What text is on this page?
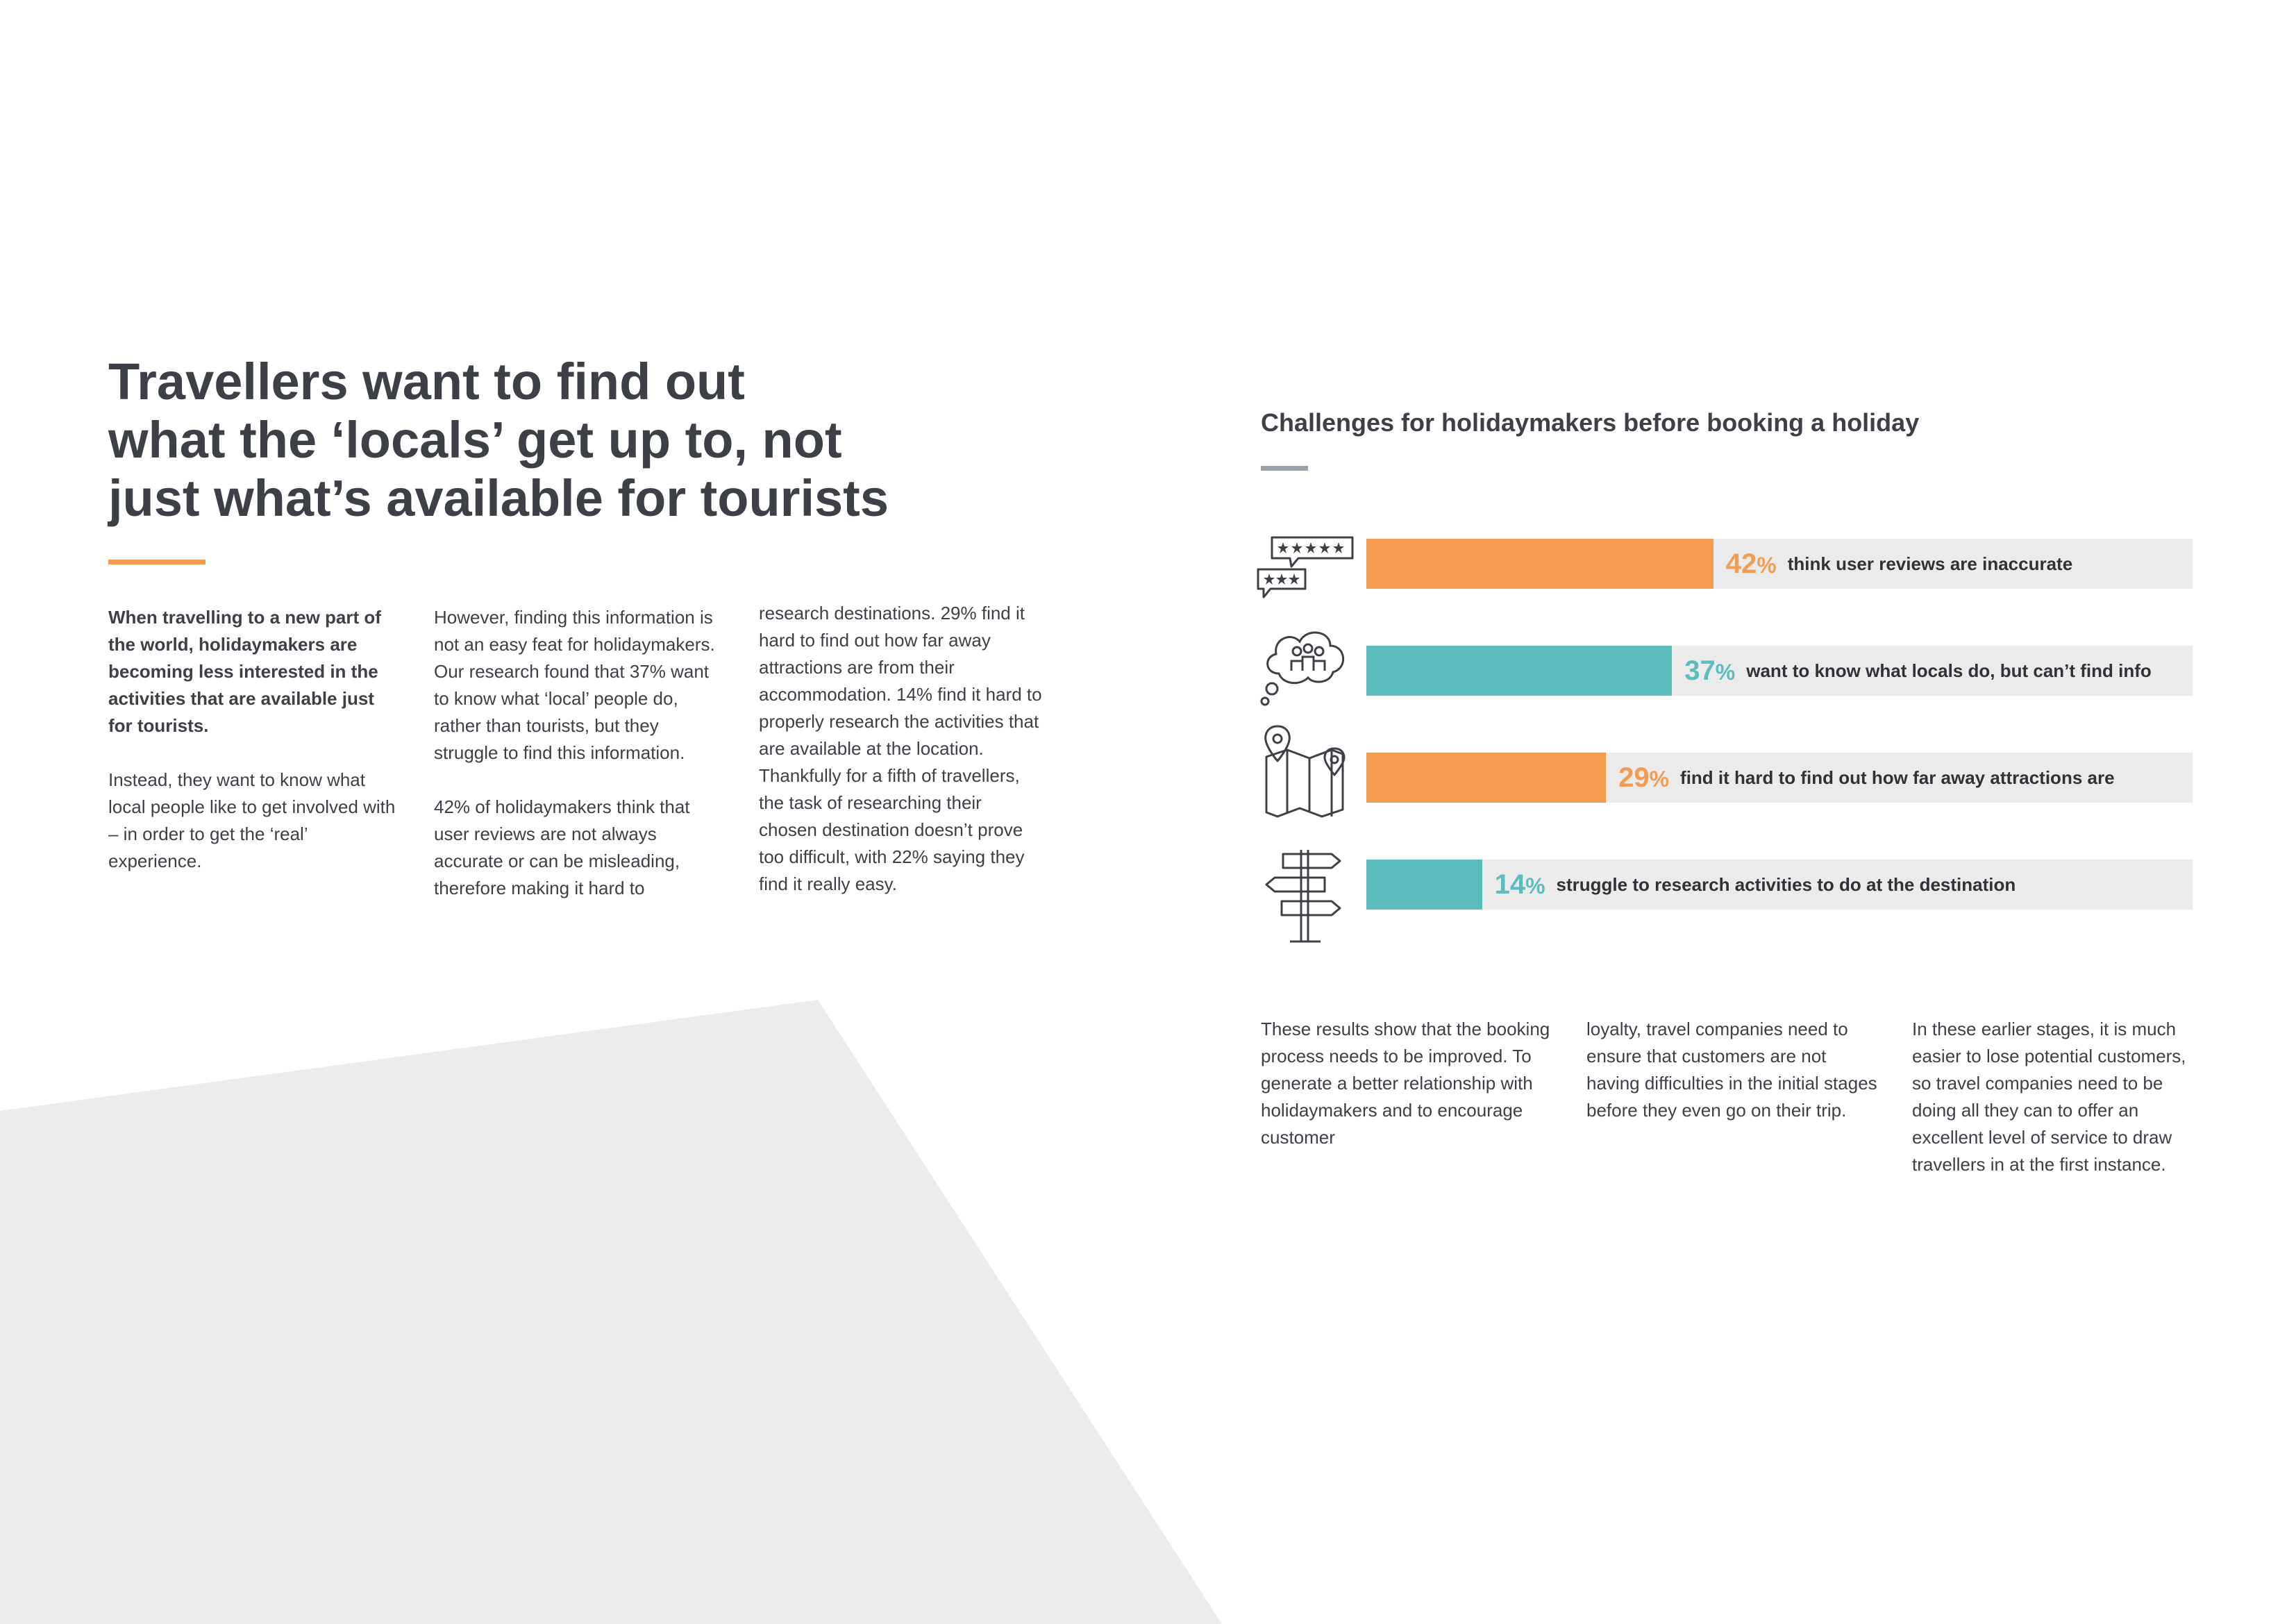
Travellers want to find out
what the ‘locals’ get up to, not
just what’s available for tourists

When travelling to a new part of the world, holidaymakers are becoming less interested in the activities that are available just for tourists.

Instead, they want to know what local people like to get involved with – in order to get the ‘real’ experience.

However, finding this information is not an easy feat for holidaymakers. Our research found that 37% want to know what ‘local’ people do, rather than tourists, but they struggle to find this information.

42% of holidaymakers think that user reviews are not always accurate or can be misleading, therefore making it hard to

research destinations. 29% find it hard to find out how far away attractions are from their accommodation. 14% find it hard to properly research the activities that are available at the location. Thankfully for a fifth of travellers, the task of researching their chosen destination doesn’t prove too difficult, with 22% saying they find it really easy.

Challenges for holidaymakers before booking a holiday
42% think user reviews are inaccurate
37% want to know what locals do, but can’t find info
29% find it hard to find out how far away attractions are
14% struggle to research activities to do at the destination

These results show that the booking process needs to be improved. To generate a better relationship with holidaymakers and to encourage customer

loyalty, travel companies need to ensure that customers are not having difficulties in the initial stages before they even go on their trip.

In these earlier stages, it is much easier to lose potential customers, so travel companies need to be doing all they can to offer an excellent level of service to draw travellers in at the first instance.
